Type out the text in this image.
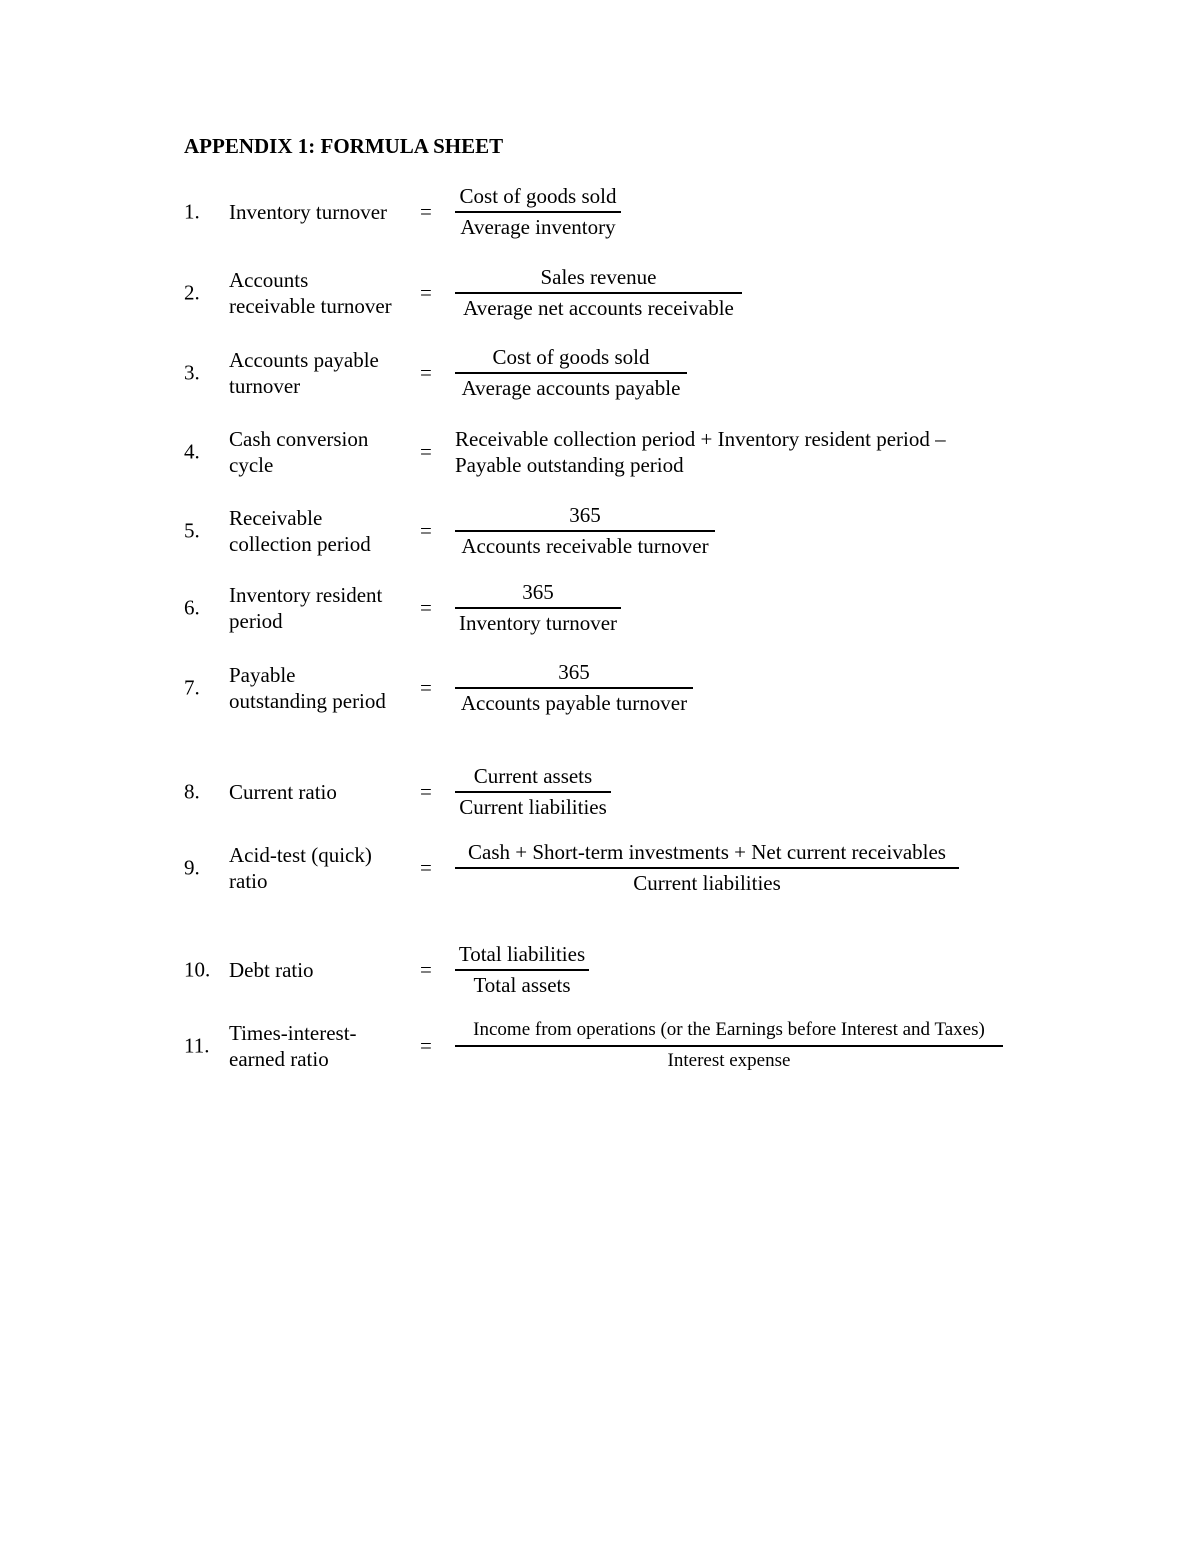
APPENDIX 1: FORMULA SHEET
1. Inventory turnover =
Cost of goods sold
Average inventory
2.
Accounts
receivable turnover
=
Sales revenue
Average net accounts receivable
3.
Accounts payable
turnover
=
Cost of goods sold
Average accounts payable
4.
Cash conversion
cycle
=
Receivable collection period + Inventory resident period –
Payable outstanding period
5.
Receivable
collection period
=
365
Accounts receivable turnover
6.
Inventory resident
period
=
365
Inventory turnover
7.
Payable
outstanding period
=
365
Accounts payable turnover
8. Current ratio	=
Current assets
Current liabilities
9.
Acid-test (quick)
ratio
=
Cash + Short-term investments + Net current receivables
Current liabilities
10. Debt ratio	=
Total liabilities
Total assets
11.
Times-interest-
earned ratio
=
Income from operations (or the Earnings before Interest and Taxes)
Interest expense
